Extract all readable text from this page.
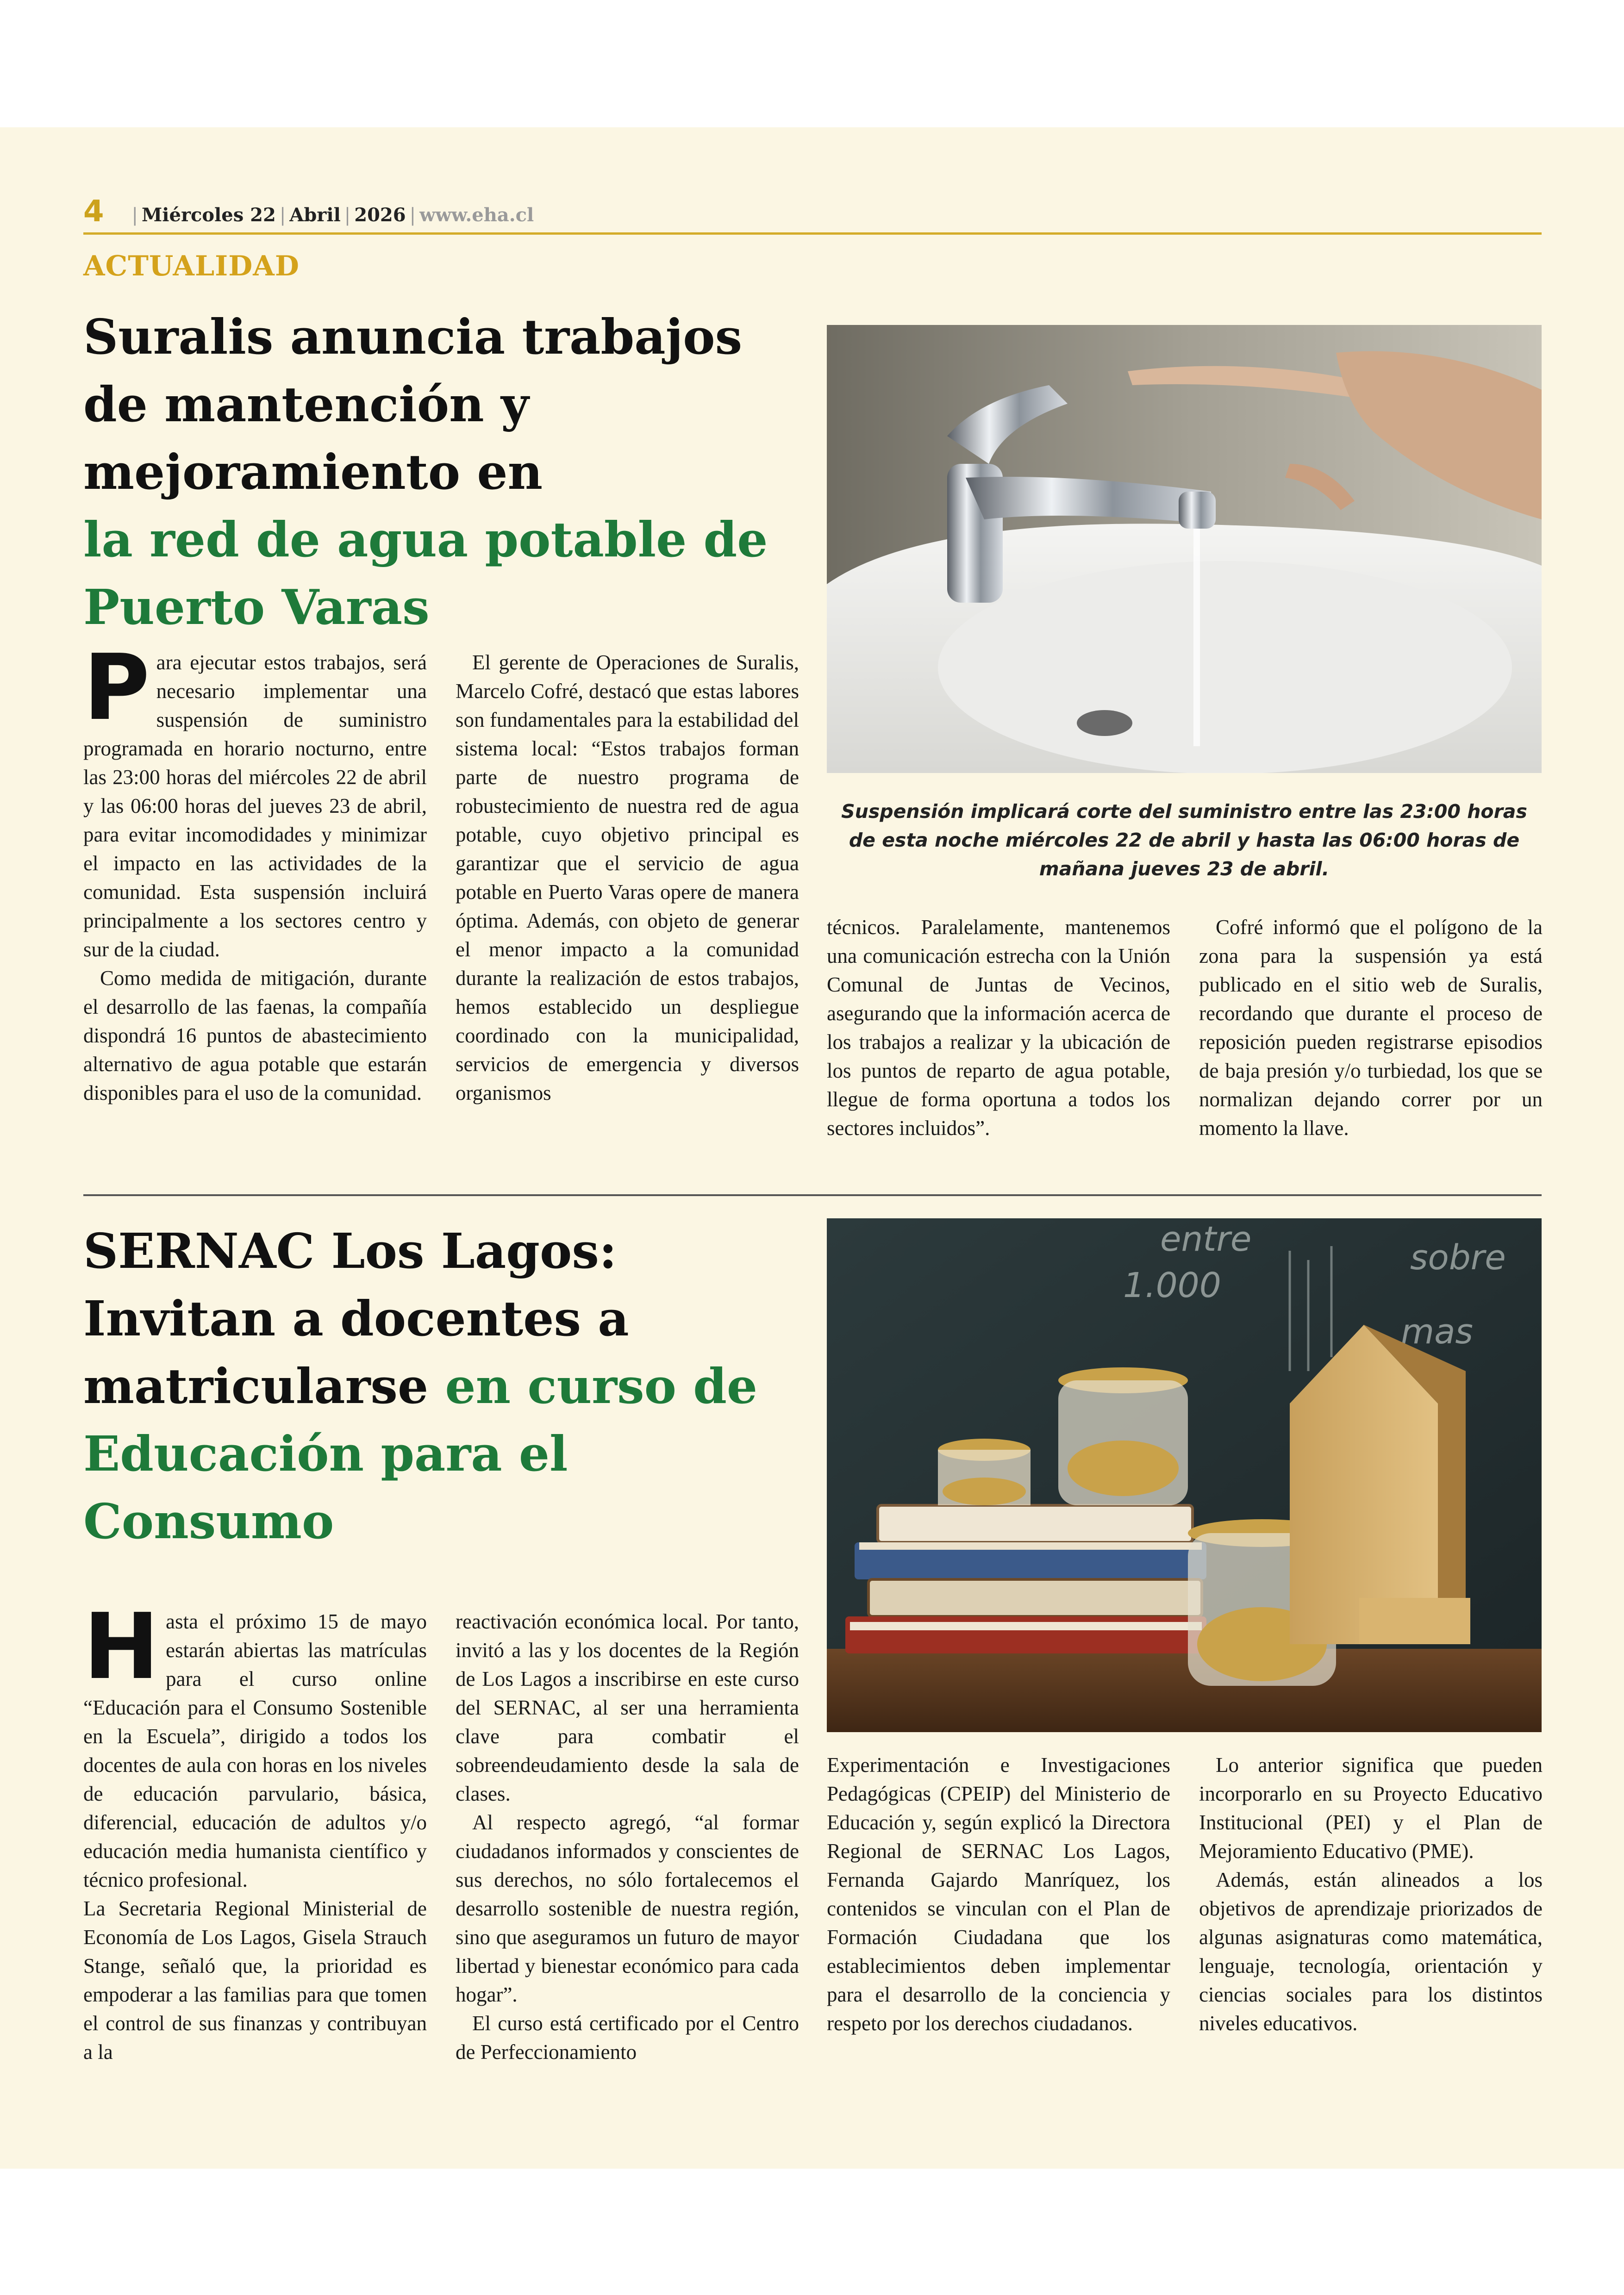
4 | Miércoles 22 | Abril | 2026 | www.eha.cl
ACTUALIDAD
Suralis anuncia trabajos de mantención y mejoramiento en
la red de agua potable de Puerto Varas

Suspensión implicará corte del suministro entre las 23:00 horas de esta noche miércoles 22 de abril y hasta las 06:00 horas de mañana jueves 23 de abril.

P ara ejecutar estos trabajos, será necesario implementar una suspensión de suministro programada en horario nocturno, entre las 23:00 horas del miércoles 22 de abril y las 06:00 horas del jueves 23 de abril, para evitar incomodidades y minimizar el impacto en las actividades de la comunidad. Esta suspensión incluirá principalmente a los sectores centro y sur de la ciudad.

Como medida de mitigación, durante el desarrollo de las faenas, la compañía dispondrá 16 puntos de abastecimiento alternativo de agua potable que estarán disponibles para el uso de la comunidad.

El gerente de Operaciones de Suralis, Marcelo Cofré, destacó que estas labores son fundamentales para la estabilidad del sistema local: “Estos trabajos forman parte de nuestro programa de robustecimiento de nuestra red de agua potable, cuyo objetivo principal es garantizar que el servicio de agua potable en Puerto Varas opere de manera óptima. Además, con objeto de generar el menor impacto a la comunidad durante la realización de estos trabajos, hemos establecido un despliegue coordinado con la municipalidad, servicios de emergencia y diversos organismos

técnicos. Paralelamente, mantenemos una comunicación estrecha con la Unión Comunal de Juntas de Vecinos, asegurando que la información acerca de los trabajos a realizar y la ubicación de los puntos de reparto de agua potable, llegue de forma oportuna a todos los sectores incluidos”.

Cofré informó que el polígono de la zona para la suspensión ya está publicado en el sitio web de Suralis, recordando que durante el proceso de reposición pueden registrarse episodios de baja presión y/o turbiedad, los que se normalizan dejando correr por un momento la llave.

SERNAC Los Lagos: Invitan a docentes a matricularse en curso de Educación para el Consumo
entre
1.000
sobre
mas
H asta el próximo 15 de mayo estarán abiertas las matrículas para el curso online “Educación para el Consumo Sostenible en la Escuela”, dirigido a todos los docentes de aula con horas en los niveles de educación parvulario, básica, diferencial, educación de adultos y/o educación media humanista científico y técnico profesional.

La Secretaria Regional Ministerial de Economía de Los Lagos, Gisela Strauch Stange, señaló que, la prioridad es empoderar a las familias para que tomen el control de sus finanzas y contribuyan a la

reactivación económica local. Por tanto, invitó a las y los docentes de la Región de Los Lagos a inscribirse en este curso del SERNAC, al ser una herramienta clave para combatir el sobreendeudamiento desde la sala de clases.

Al respecto agregó, “al formar ciudadanos informados y conscientes de sus derechos, no sólo fortalecemos el desarrollo sostenible de nuestra región, sino que aseguramos un futuro de mayor libertad y bienestar económico para cada hogar”.

El curso está certificado por el Centro de Perfeccionamiento

Experimentación e Investigaciones Pedagógicas (CPEIP) del Ministerio de Educación y, según explicó la Directora Regional de SERNAC Los Lagos, Fernanda Gajardo Manríquez, los contenidos se vinculan con el Plan de Formación Ciudadana que los establecimientos deben implementar para el desarrollo de la conciencia y respeto por los derechos ciudadanos.

Lo anterior significa que pueden incorporarlo en su Proyecto Educativo Institucional (PEI) y el Plan de Mejoramiento Educativo (PME).

Además, están alineados a los objetivos de aprendizaje priorizados de algunas asignaturas como matemática, lenguaje, tecnología, orientación y ciencias sociales para los distintos niveles educativos.
